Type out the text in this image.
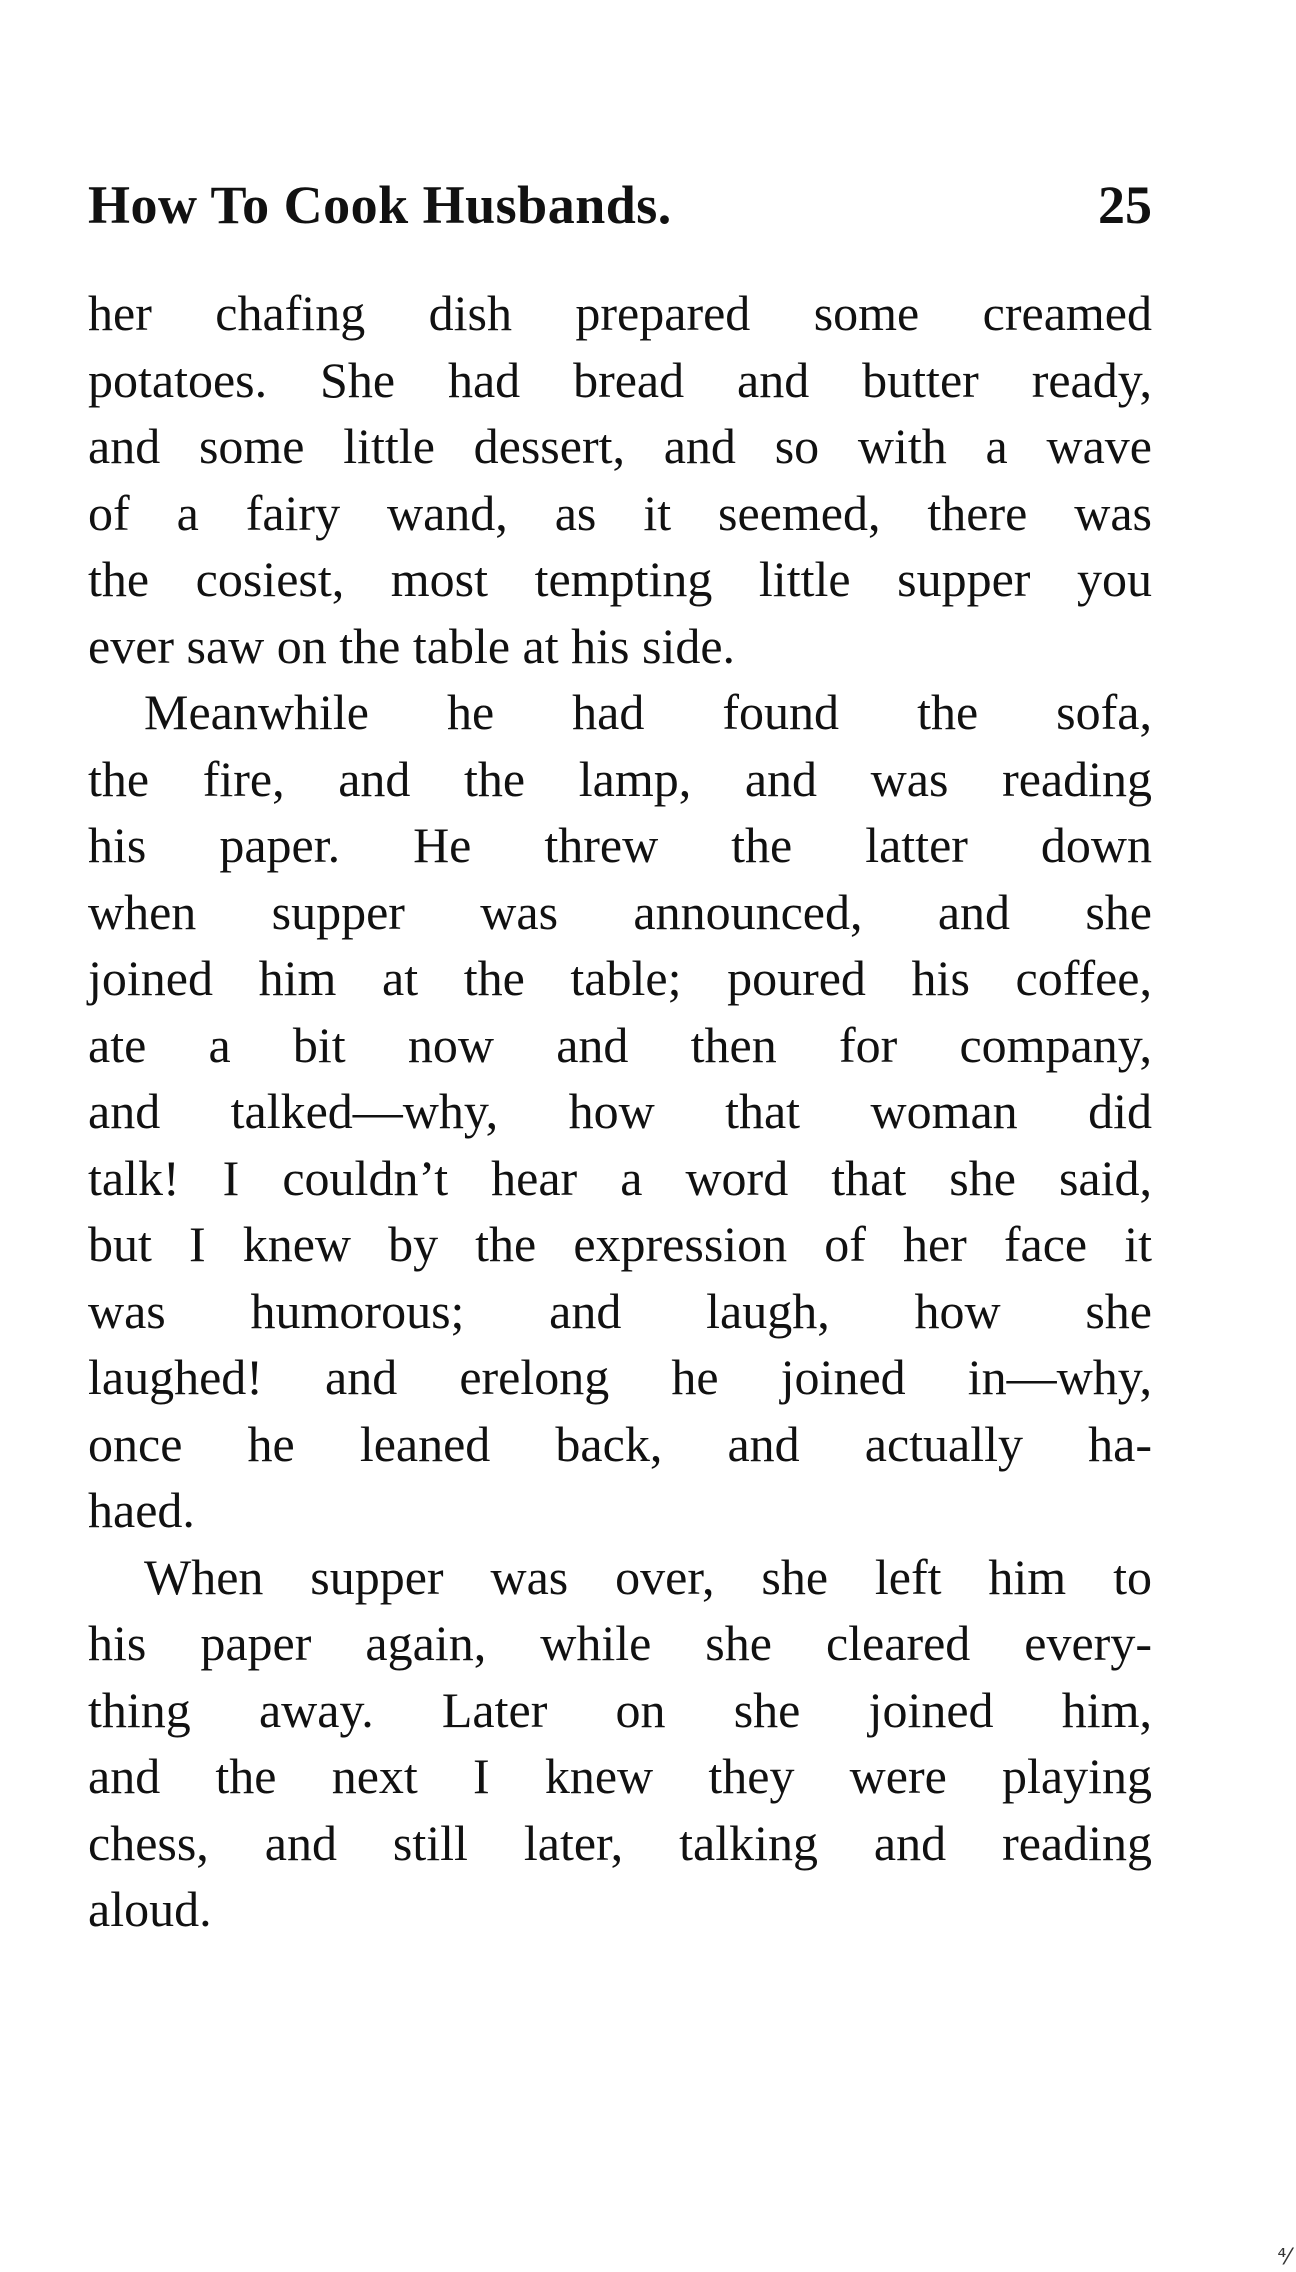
How To Cook Husbands.	25
her chafing dish prepared some creamed
potatoes. She had bread and butter ready,
and some little dessert, and so with a wave
of a fairy wand, as it seemed, there was
the cosiest, most tempting little supper you
ever saw on the table at his side.
Meanwhile he had found the sofa,
the fire, and the lamp, and was reading
his paper. He threw the latter down
when supper was announced, and she
joined him at the table; poured his coffee,
ate a bit now and then for company,
and talked—why, how that woman did
talk! I couldn’t hear a word that she said,
but I knew by the expression of her face it
was humorous; and laugh, how she
laughed! and erelong he joined in—why,
once he leaned back, and actually ha-
haed.
When supper was over, she left him to
his paper again, while she cleared every-
thing away. Later on she joined him,
and the next I knew they were playing
chess, and still later, talking and reading
aloud.
⁴⁄
